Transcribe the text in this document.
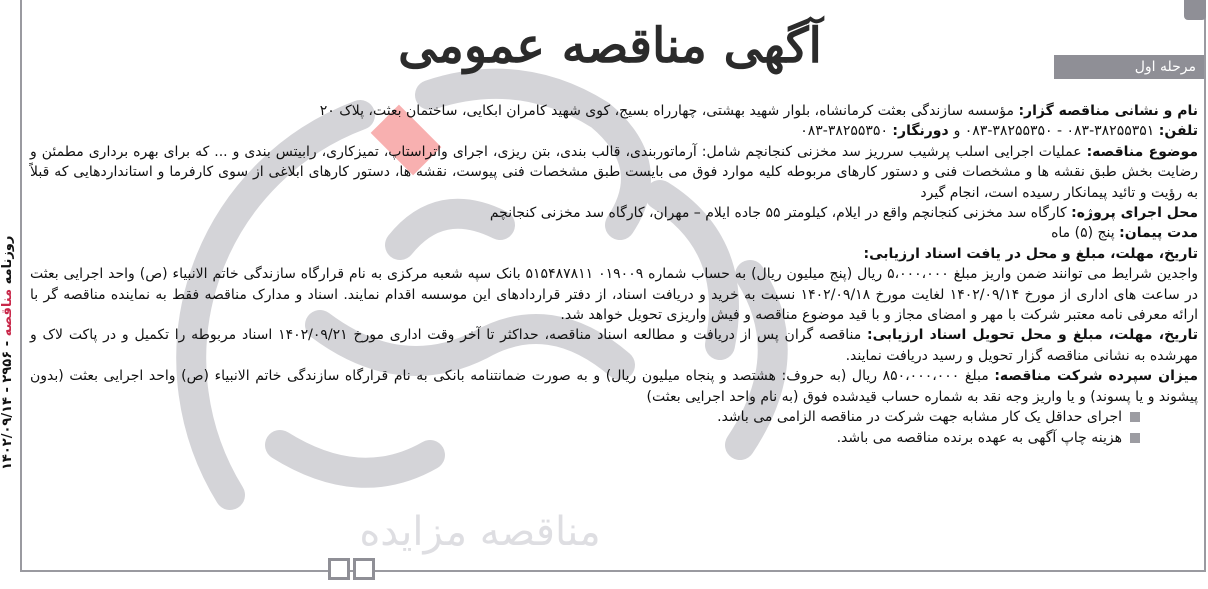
مناقصه مزایده
روزنامه مناقصه - ۲۹۵۶ - ۱۴۰۲/۰۹/۱۴
مرحله اول
آگهی مناقصه عمومی

نام و نشانی مناقصه گزار: مؤسسه سازندگی بعثت کرمانشاه، بلوار شهید بهشتی، چهارراه بسیج، کوی شهید کامران ابکایی، ساختمان بعثت، پلاک ۲۰

تلفن: ۳۸۲۵۵۳۵۱-۰۸۳ - ۳۸۲۵۵۳۵۰-۰۸۳ و دورنگار: ۳۸۲۵۵۳۵۰-۰۸۳

موضوع مناقصه: عملیات اجرایی اسلب پرشیب سرریز سد مخزنی کنجانچم شامل: آرماتوربندی، قالب بندی، بتن ریزی، اجرای واتراستاپ، تمیزکاری، رابیتس بندی و ... که برای بهره برداری مطمئن و رضایت بخش طبق نقشه ها و مشخصات فنی و دستور کارهای مربوطه کلیه موارد فوق می بایست طبق مشخصات فنی پیوست، نقشه ها، دستور کارهای ابلاغی از سوی کارفرما و استانداردهایی که قبلاً به رؤیت و تائید پیمانکار رسیده است، انجام گیرد

محل اجرای پروژه: کارگاه سد مخزنی کنجانچم واقع در ایلام، کیلومتر ۵۵ جاده ایلام – مهران، کارگاه سد مخزنی کنجانچم

مدت پیمان: پنج (۵) ماه

تاریخ، مهلت، مبلغ و محل در یافت اسناد ارزیابی:

واجدین شرایط می توانند ضمن واریز مبلغ ۵،۰۰۰،۰۰۰ ریال (پنج میلیون ریال) به حساب شماره ۰۱۹۰۰۹ ۵۱۵۴۸۷۸۱۱ بانک سپه شعبه مرکزی به نام قرارگاه سازندگی خاتم الانبیاء (ص) واحد اجرایی بعثت در ساعت های اداری از مورخ ۱۴۰۲/۰۹/۱۴ لغایت مورخ ۱۴۰۲/۰۹/۱۸ نسبت به خرید و دریافت اسناد، از دفتر قراردادهای این موسسه اقدام نمایند. اسناد و مدارک مناقصه فقط به نماینده مناقصه گر با ارائه معرفی نامه معتبر شرکت با مهر و امضای مجاز و با قید موضوع مناقصه و فیش واریزی تحویل خواهد شد.

تاریخ، مهلت، مبلغ و محل تحویل اسناد ارزیابی: مناقصه گران پس از دریافت و مطالعه اسناد مناقصه، حداکثر تا آخر وقت اداری مورخ ۱۴۰۲/۰۹/۲۱ اسناد مربوطه را تکمیل و در پاکت لاک و مهرشده به نشانی مناقصه گزار تحویل و رسید دریافت نمایند.

میزان سپرده شرکت مناقصه: مبلغ ۸۵۰،۰۰۰،۰۰۰ ریال (به حروف: هشتصد و پنجاه میلیون ریال) و به صورت ضمانتنامه بانکی به نام قرارگاه سازندگی خاتم الانبیاء (ص) واحد اجرایی بعثت (بدون پیشوند و یا پسوند) و یا واریز وجه نقد به شماره حساب قیدشده فوق (به نام واحد اجرایی بعثت)

اجرای حداقل یک کار مشابه جهت شرکت در مناقصه الزامی می باشد.

هزینه چاپ آگهی به عهده برنده مناقصه می باشد.
